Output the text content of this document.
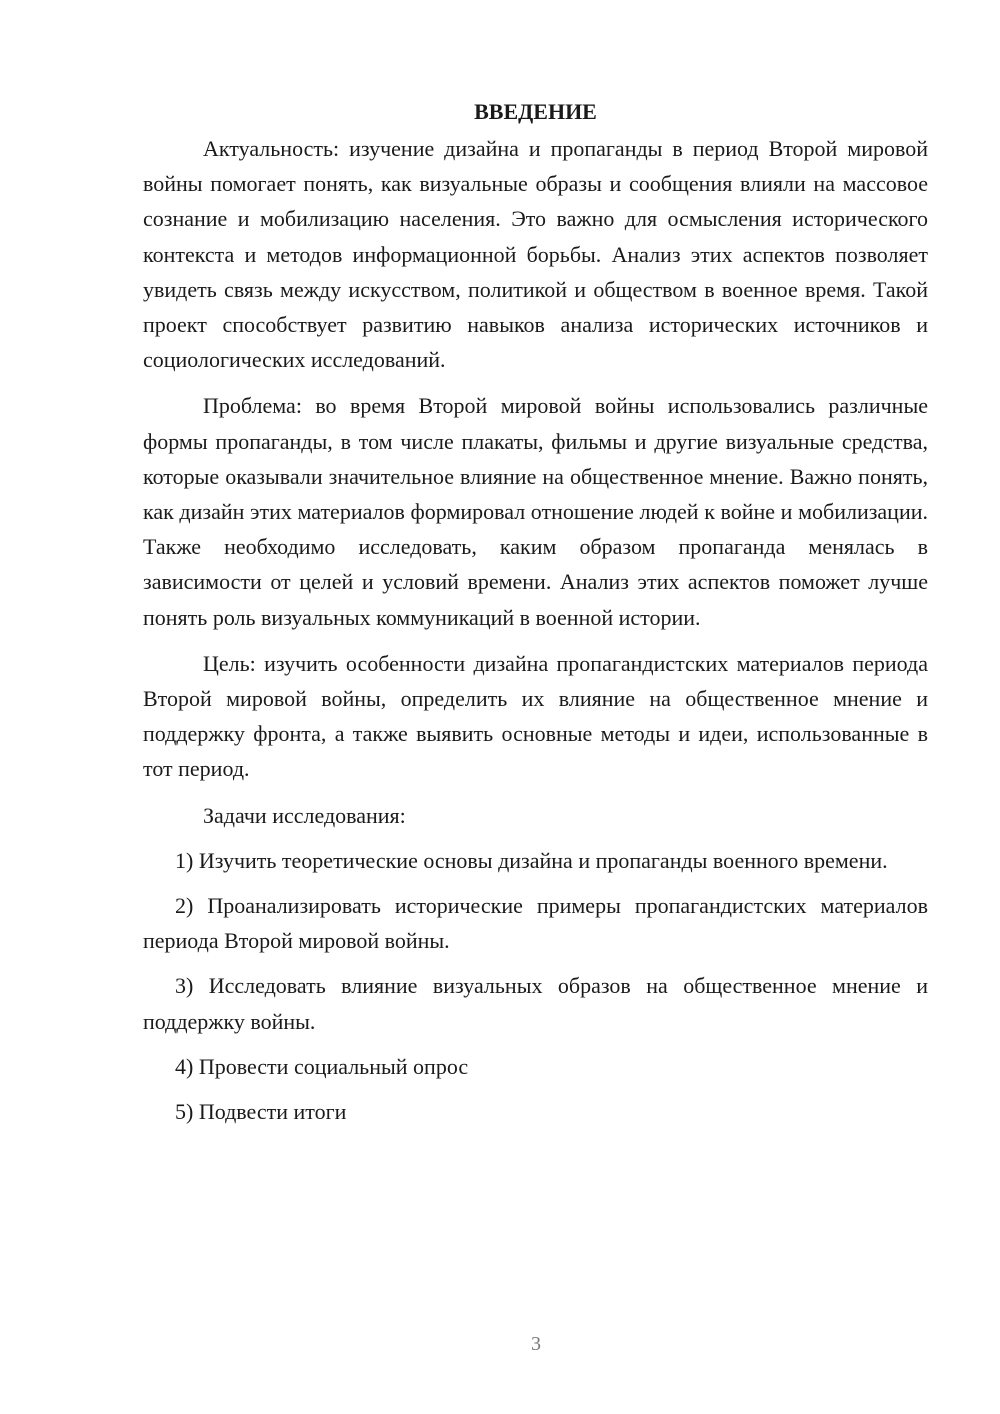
ВВЕДЕНИЕ

Актуальность: изучение дизайна и пропаганды в период Второй мировой войны помогает понять, как визуальные образы и сообщения влияли на массовое сознание и мобилизацию населения. Это важно для осмысления исторического контекста и методов информационной борьбы. Анализ этих аспектов позволяет увидеть связь между искусством, политикой и обществом в военное время. Такой проект способствует развитию навыков анализа исторических источников и социологических исследований.

Проблема: во время Второй мировой войны использовались различные формы пропаганды, в том числе плакаты, фильмы и другие визуальные средства, которые оказывали значительное влияние на общественное мнение. Важно понять, как дизайн этих материалов формировал отношение людей к войне и мобилизации. Также необходимо исследовать, каким образом пропаганда менялась в зависимости от целей и условий времени. Анализ этих аспектов поможет лучше понять роль визуальных коммуникаций в военной истории.

Цель: изучить особенности дизайна пропагандистских материалов периода Второй мировой войны, определить их влияние на общественное мнение и поддержку фронта, а также выявить основные методы и идеи, использованные в тот период.

Задачи исследования:

1) Изучить теоретические основы дизайна и пропаганды военного времени.

2) Проанализировать исторические примеры пропагандистских материалов периода Второй мировой войны.

3) Исследовать влияние визуальных образов на общественное мнение и поддержку войны.

4) Провести социальный опрос

5) Подвести итоги

3
